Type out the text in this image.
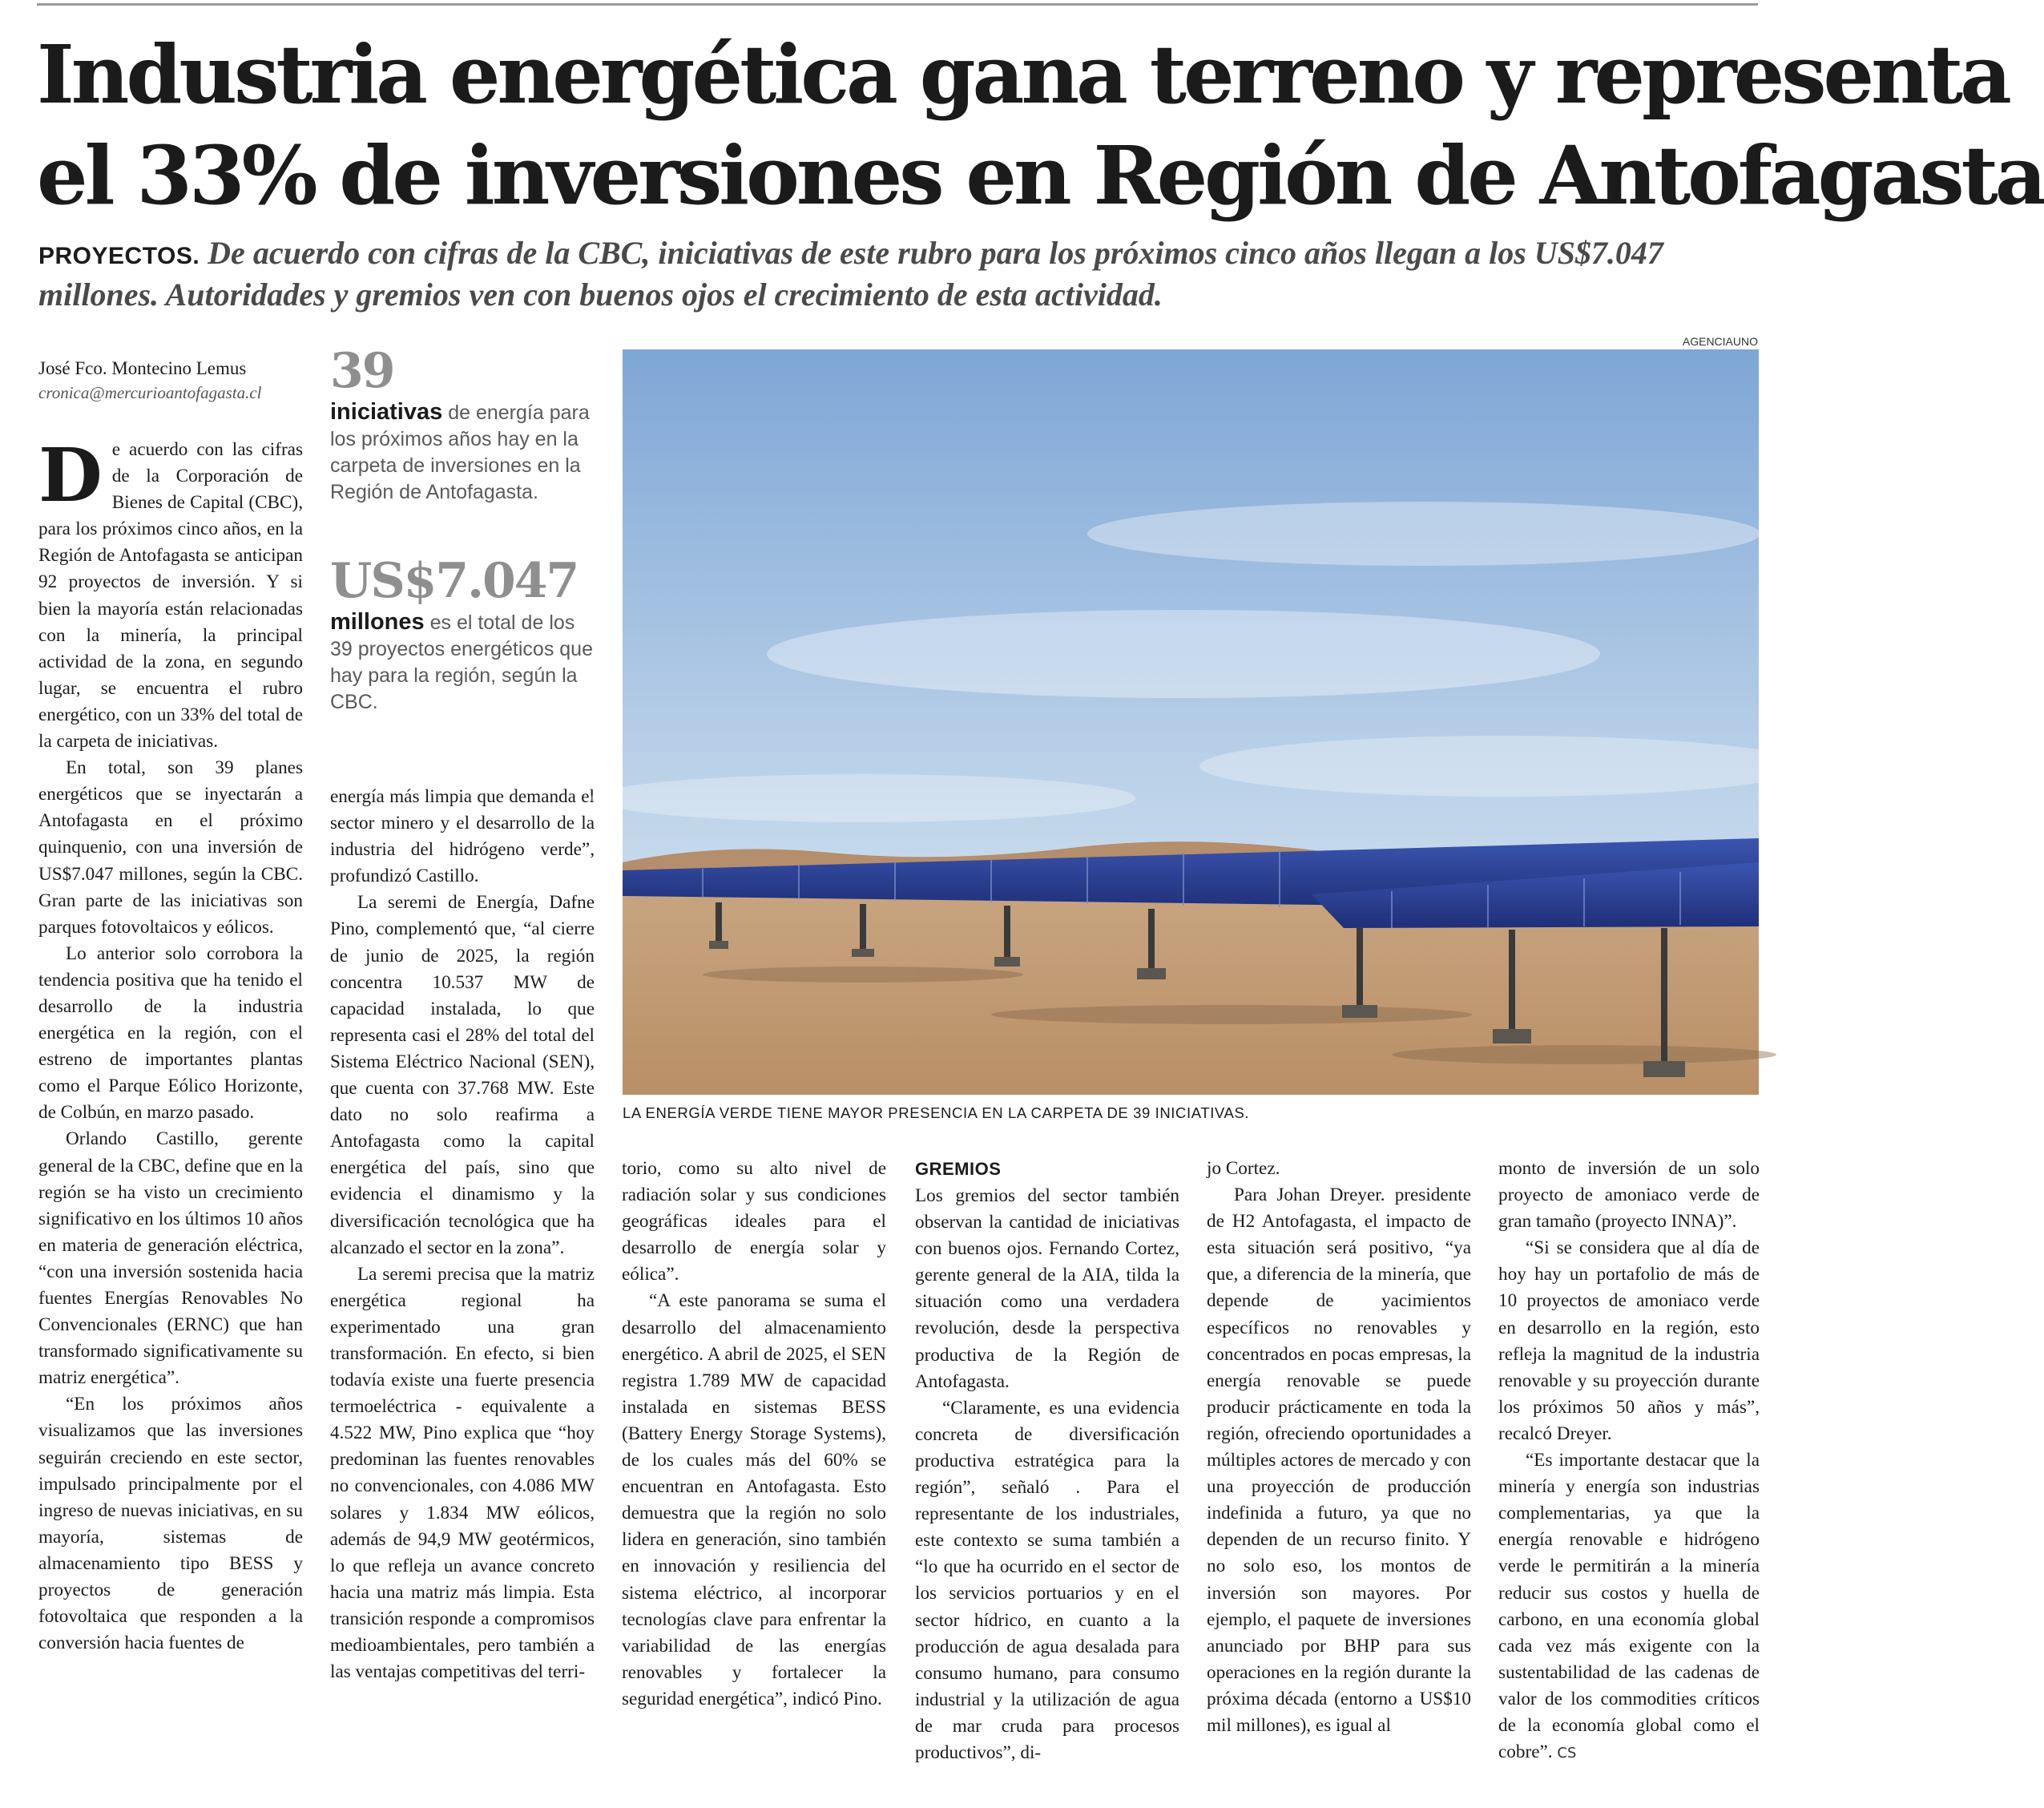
Industria energética gana terreno y representa
el 33% de inversiones en Región de Antofagasta

PROYECTOS. De acuerdo con cifras de la CBC, iniciativas de este rubro para los próximos cinco años llegan a los US$7.047 millones. Autoridades y gremios ven con buenos ojos el crecimiento de esta actividad.

José Fco. Montecino Lemus
cronica@mercurioantofagasta.cl

De acuerdo con las cifras de la Corporación de Bienes de Capital (CBC), para los próximos cinco años, en la Región de Antofagasta se anticipan 92 proyectos de inversión. Y si bien la mayoría están relacionadas con la minería, la principal actividad de la zona, en segundo lugar, se encuentra el rubro energético, con un 33% del total de la carpeta de iniciativas.

En total, son 39 planes energéticos que se inyectarán a Antofagasta en el próximo quinquenio, con una inversión de US$7.047 millones, según la CBC. Gran parte de las iniciativas son parques fotovoltaicos y eólicos.

Lo anterior solo corrobora la tendencia positiva que ha tenido el desarrollo de la industria energética en la región, con el estreno de importantes plantas como el Parque Eólico Horizonte, de Colbún, en marzo pasado.

Orlando Castillo, gerente general de la CBC, define que en la región se ha visto un crecimiento significativo en los últimos 10 años en materia de generación eléctrica, “con una inversión sostenida hacia fuentes Energías Renovables No Convencionales (ERNC) que han transformado significativamente su matriz energética”.

“En los próximos años visualizamos que las inversiones seguirán creciendo en este sector, impulsado principalmente por el ingreso de nuevas iniciativas, en su mayoría, sistemas de almacenamiento tipo BESS y proyectos de generación fotovoltaica que responden a la conversión hacia fuentes de

39
iniciativas de energía para los próximos años hay en la carpeta de inversiones en la Región de Antofagasta.
US$7.047
millones es el total de los 39 proyectos energéticos que hay para la región, según la CBC.

energía más limpia que demanda el sector minero y el desarrollo de la industria del hidrógeno verde”, profundizó Castillo.

La seremi de Energía, Dafne Pino, complementó que, “al cierre de junio de 2025, la región concentra 10.537 MW de capacidad instalada, lo que representa casi el 28% del total del Sistema Eléctrico Nacional (SEN), que cuenta con 37.768 MW. Este dato no solo reafirma a Antofagasta como la capital energética del país, sino que evidencia el dinamismo y la diversificación tecnológica que ha alcanzado el sector en la zona”.

La seremi precisa que la matriz energética regional ha experimentado una gran transformación. En efecto, si bien todavía existe una fuerte presencia termoeléctrica - equivalente a 4.522 MW, Pino explica que “hoy predominan las fuentes renovables no convencionales, con 4.086 MW solares y 1.834 MW eólicos, además de 94,9 MW geotérmicos, lo que refleja un avance concreto hacia una matriz más limpia. Esta transición responde a compromisos medioambientales, pero también a las ventajas competitivas del terri-

AGENCIAUNO
LA ENERGÍA VERDE TIENE MAYOR PRESENCIA EN LA CARPETA DE 39 INICIATIVAS.

torio, como su alto nivel de radiación solar y sus condiciones geográficas ideales para el desarrollo de energía solar y eólica”.

“A este panorama se suma el desarrollo del almacenamiento energético. A abril de 2025, el SEN registra 1.789 MW de capacidad instalada en sistemas BESS (Battery Energy Storage Systems), de los cuales más del 60% se encuentran en Antofagasta. Esto demuestra que la región no solo lidera en generación, sino también en innovación y resiliencia del sistema eléctrico, al incorporar tecnologías clave para enfrentar la variabilidad de las energías renovables y fortalecer la seguridad energética”, indicó Pino.

GREMIOS

Los gremios del sector también observan la cantidad de iniciativas con buenos ojos. Fernando Cortez, gerente general de la AIA, tilda la situación como una verdadera revolución, desde la perspectiva productiva de la Región de Antofagasta.

“Claramente, es una evidencia concreta de diversificación productiva estratégica para la región”, señaló . Para el representante de los industriales, este contexto se suma también a “lo que ha ocurrido en el sector de los servicios portuarios y en el sector hídrico, en cuanto a la producción de agua desalada para consumo humano, para consumo industrial y la utilización de agua de mar cruda para procesos productivos”, di-

jo Cortez.

Para Johan Dreyer. presidente de H2 Antofagasta, el impacto de esta situación será positivo, “ya que, a diferencia de la minería, que depende de yacimientos específicos no renovables y concentrados en pocas empresas, la energía renovable se puede producir prácticamente en toda la región, ofreciendo oportunidades a múltiples actores de mercado y con una proyección de producción indefinida a futuro, ya que no dependen de un recurso finito. Y no solo eso, los montos de inversión son mayores. Por ejemplo, el paquete de inversiones anunciado por BHP para sus operaciones en la región durante la próxima década (entorno a US$10 mil millones), es igual al

monto de inversión de un solo proyecto de amoniaco verde de gran tamaño (proyecto INNA)”.

“Si se considera que al día de hoy hay un portafolio de más de 10 proyectos de amoniaco verde en desarrollo en la región, esto refleja la magnitud de la industria renovable y su proyección durante los próximos 50 años y más”, recalcó Dreyer.

“Es importante destacar que la minería y energía son industrias complementarias, ya que la energía renovable e hidrógeno verde le permitirán a la minería reducir sus costos y huella de carbono, en una economía global cada vez más exigente con la sustentabilidad de las cadenas de valor de los commodities críticos de la economía global como el cobre”. CS
